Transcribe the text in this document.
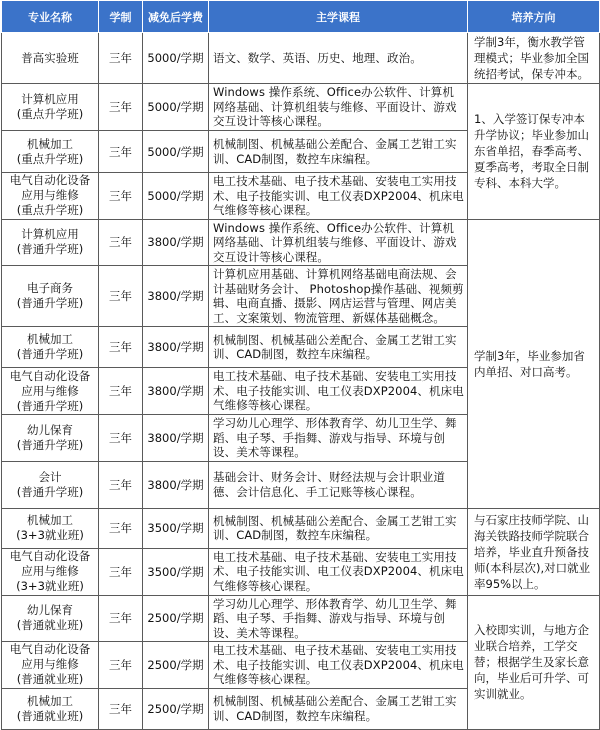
专业名称	学制	减免后学费	主学课程	培养方向

普高实验班	三年	5000/学期	语文、数学、英语、历史、地理、政治。	学制3年，衡水教学管理模式；毕业参加全国统招考试，保专冲本。

计算机应用
(重点升学班)	三年	5000/学期	Windows 操作系统、Office办公软件、计算机网络基础、计算机组装与维修、平面设计、游戏交互设计等核心课程。	1、入学签订保专冲本升学协议；毕业参加山东省单招，春季高考、夏季高考，考取全日制专科、本科大学。

机械加工
(重点升学班)	三年	5000/学期	机械制图、机械基础公差配合、金属工艺钳工实训、CAD制图，数控车床编程。	

电气自动化设备
应用与维修
(重点升学班)	三年	5000/学期	电工技术基础、电子技术基础、安装电工实用技术、电子技能实训、电工仪表DXP2004、机床电气维修等核心课程。	

计算机应用
(普通升学班)	三年	3800/学期	Windows 操作系统、Office办公软件、计算机网络基础、计算机组装与维修、平面设计、游戏交互设计等核心课程。	学制3年，毕业参加省内单招、对口高考。

电子商务
(普通升学班)	三年	3800/学期	计算机应用基础、计算机网络基础电商法规、会计基础财务会计、 Photoshop操作基础、视频剪辑、电商直播、摄影、网店运营与管理、网店美工、文案策划、物流管理、新媒体基础概念。	

机械加工
(普通升学班)	三年	3800/学期	机械制图、机械基础公差配合、金属工艺钳工实训、CAD制图，数控车床编程。	

电气自动化设备
应用与维修
(普通升学班)	三年	3800/学期	电工技术基础、电子技术基础、安装电工实用技术、电子技能实训、电工仪表DXP2004、机床电气维修等核心课程。	

幼儿保育
(普通升学班)	三年	3800/学期	学习幼儿心理学、形体教育学、幼儿卫生学、舞蹈、电子琴、手指舞、游戏与指导、环境与创设、美术等课程。	

会计
(普通升学班)	三年	3800/学期	基础会计、财务会计、财经法规与会计职业道德、会计信息化、手工记账等核心课程。	

机械加工
(3+3就业班)	三年	3500/学期	机械制图、机械基础公差配合、金属工艺钳工实训、CAD制图，数控车床编程。	与石家庄技师学院、山海关铁路技师学院联合培养，毕业直升预备技师(本科层次),对口就业率95%以上。

电气自动化设备
应用与维修
(3+3就业班)	三年	3500/学期	电工技术基础、电子技术基础、安装电工实用技术、电子技能实训、电工仪表DXP2004、机床电气维修等核心课程。	

幼儿保育
(普通就业班)	三年	2500/学期	学习幼儿心理学、形体教育学、幼儿卫生学、舞蹈、电子琴、手指舞、游戏与指导、环境与创设、美术等课程。	入校即实训，与地方企业联合培养，工学交替；根据学生及家长意向，毕业后可升学、可实训就业。

电气自动化设备
应用与维修
(普通就业班)	三年	2500/学期	电工技术基础、电子技术基础、安装电工实用技术、电子技能实训、电工仪表DXP2004、机床电气维修等核心课程。	

机械加工
(普通就业班)	三年	2500/学期	机械制图、机械基础公差配合、金属工艺钳工实训、CAD制图，数控车床编程。	
